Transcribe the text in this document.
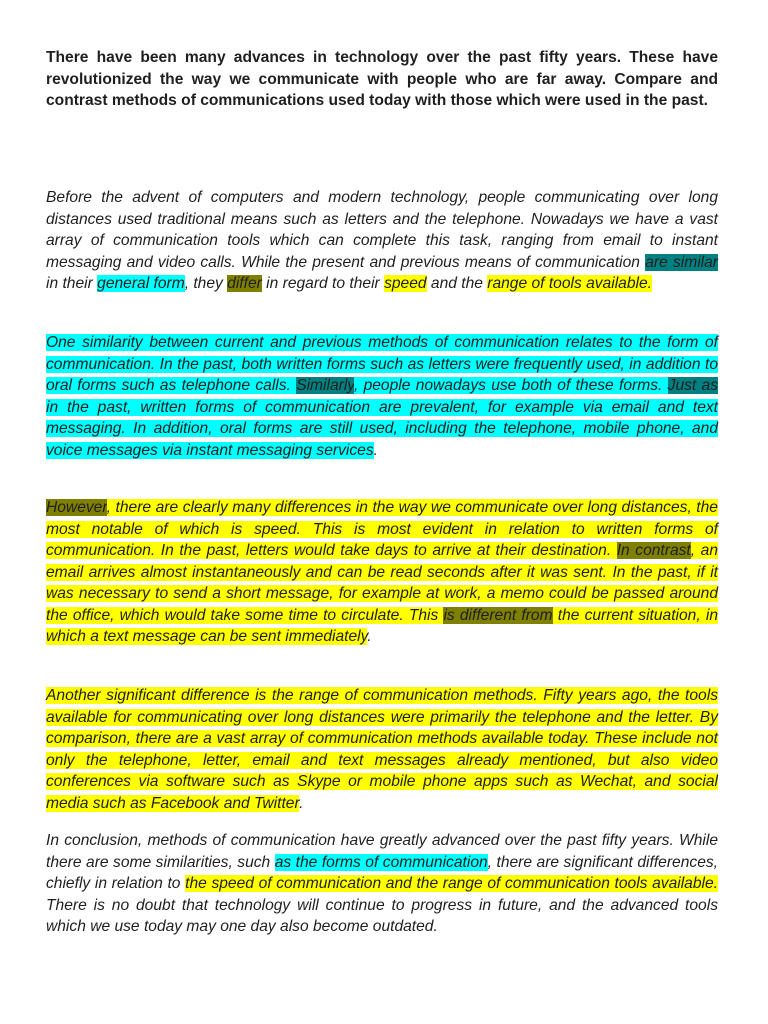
There have been many advances in technology over the past fifty years. These have revolutionized the way we communicate with people who are far away. Compare and contrast methods of communications used today with those which were used in the past.

Before the advent of computers and modern technology, people communicating over long distances used traditional means such as letters and the telephone. Nowadays we have a vast array of communication tools which can complete this task, ranging from email to instant messaging and video calls. While the present and previous means of communication are similar in their general form, they differ in regard to their speed and the range of tools available.

One similarity between current and previous methods of communication relates to the form of communication. In the past, both written forms such as letters were frequently used, in addition to oral forms such as telephone calls. Similarly, people nowadays use both of these forms. Just as in the past, written forms of communication are prevalent, for example via email and text messaging. In addition, oral forms are still used, including the telephone, mobile phone, and voice messages via instant messaging services.

However, there are clearly many differences in the way we communicate over long distances, the most notable of which is speed. This is most evident in relation to written forms of communication. In the past, letters would take days to arrive at their destination. In contrast, an email arrives almost instantaneously and can be read seconds after it was sent. In the past, if it was necessary to send a short message, for example at work, a memo could be passed around the office, which would take some time to circulate. This is different from the current situation, in which a text message can be sent immediately.

Another significant difference is the range of communication methods. Fifty years ago, the tools available for communicating over long distances were primarily the telephone and the letter. By comparison, there are a vast array of communication methods available today. These include not only the telephone, letter, email and text messages already mentioned, but also video conferences via software such as Skype or mobile phone apps such as Wechat, and social media such as Facebook and Twitter.

In conclusion, methods of communication have greatly advanced over the past fifty years. While there are some similarities, such as the forms of communication, there are significant differences, chiefly in relation to the speed of communication and the range of communication tools available. There is no doubt that technology will continue to progress in future, and the advanced tools which we use today may one day also become outdated.
